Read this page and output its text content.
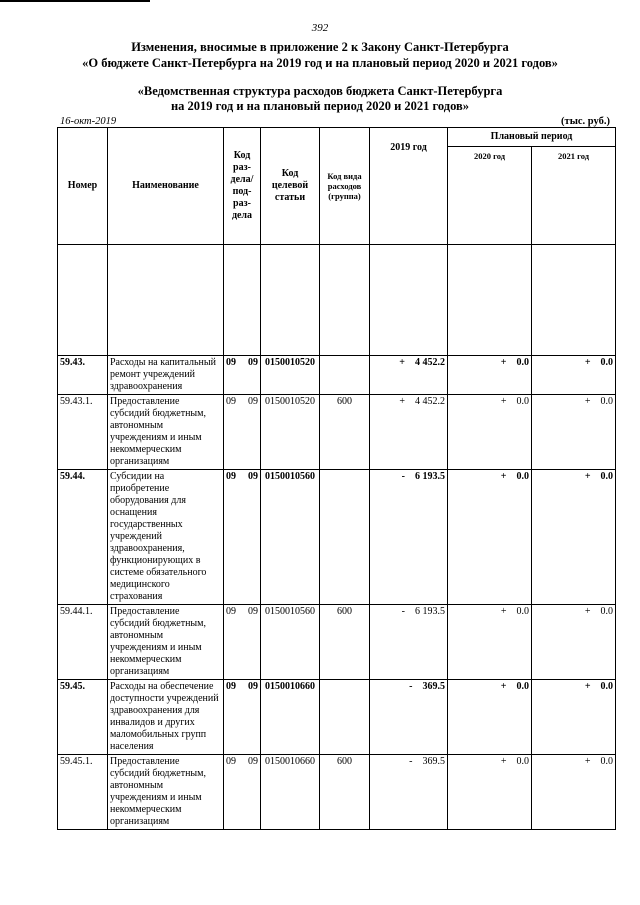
392
Изменения, вносимые в приложение 2 к Закону Санкт-Петербурга
«О бюджете Санкт-Петербурга на 2019 год и на плановый период 2020 и 2021 годов»
«Ведомственная структура расходов бюджета Санкт-Петербурга
на 2019 год и на плановый период 2020 и 2021 годов»
16-окт-2019	(тыс. руб.)
Номер	Наименование	Код раз- дела/ под- раз- дела	Код целевой статьи	Код вида расходов (группа)	2019 год	Плановый период	
						2020 год	2021 год

59.43.	Расходы на капитальный ремонт учреждений здравоохранения	09 09	0150010520		+ 4 452.2	+ 0.0	+ 0.0
59.43.1.	Предоставление субсидий бюджетным, автономным учреждениям и иным некоммерческим организациям	09 09	0150010520	600	+ 4 452.2	+ 0.0	+ 0.0
59.44.	Субсидии на приобретение оборудования для оснащения государственных учреждений здравоохранения, функционирующих в системе обязательного медицинского страхования	09 09	0150010560		- 6 193.5	+ 0.0	+ 0.0
59.44.1.	Предоставление субсидий бюджетным, автономным учреждениям и иным некоммерческим организациям	09 09	0150010560	600	- 6 193.5	+ 0.0	+ 0.0
59.45.	Расходы на обеспечение доступности учреждений здравоохранения для инвалидов и других маломобильных групп населения	09 09	0150010660		- 369.5	+ 0.0	+ 0.0
59.45.1.	Предоставление субсидий бюджетным, автономным учреждениям и иным некоммерческим организациям	09 09	0150010660	600	- 369.5	+ 0.0	+ 0.0
